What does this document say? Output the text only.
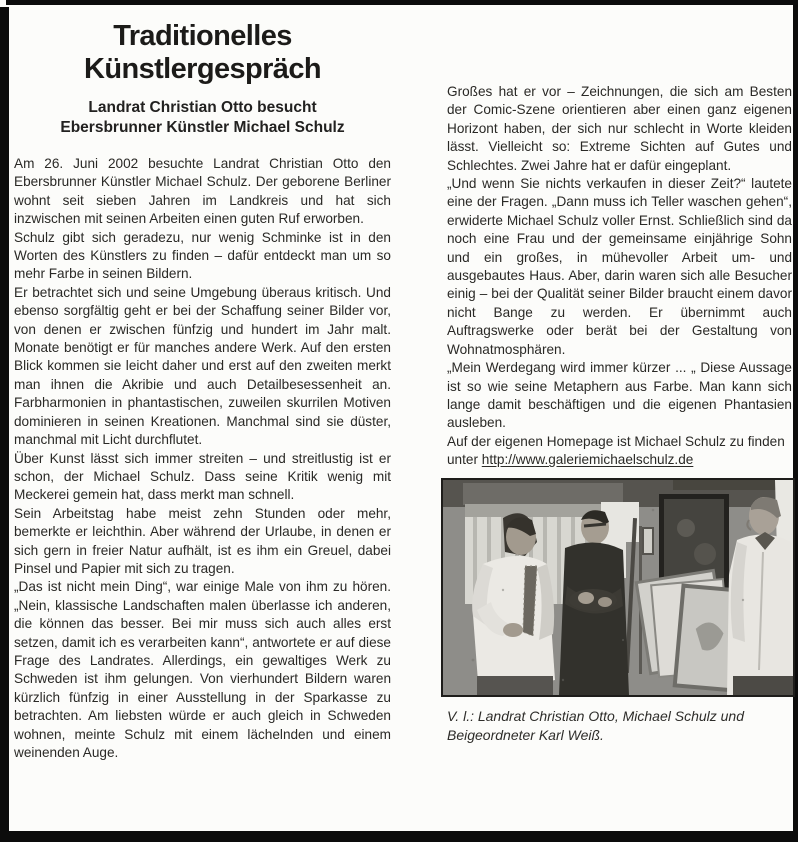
Traditionelles
Künstlergespräch
Landrat Christian Otto besucht
Ebersbrunner Künstler Michael Schulz

Am 26. Juni 2002 besuchte Landrat Christian Otto den Ebersbrunner Künstler Michael Schulz. Der geborene Berliner wohnt seit sieben Jahren im Landkreis und hat sich inzwischen mit seinen Arbeiten einen guten Ruf erworben.

Schulz gibt sich geradezu, nur wenig Schminke ist in den Worten des Künstlers zu finden – dafür entdeckt man um so mehr Farbe in seinen Bildern.

Er betrachtet sich und seine Umgebung überaus kritisch. Und ebenso sorgfältig geht er bei der Schaffung seiner Bilder vor, von denen er zwischen fünfzig und hundert im Jahr malt. Monate benötigt er für manches andere Werk. Auf den ersten Blick kommen sie leicht daher und erst auf den zweiten merkt man ihnen die Akribie und auch Detailbesessenheit an. Farbharmonien in phantastischen, zuweilen skurrilen Motiven dominieren in seinen Kreationen. Manchmal sind sie düster, manchmal mit Licht durchflutet.

Über Kunst lässt sich immer streiten – und streitlustig ist er schon, der Michael Schulz. Dass seine Kritik wenig mit Meckerei gemein hat, dass merkt man schnell.

Sein Arbeitstag habe meist zehn Stunden oder mehr, bemerkte er leichthin. Aber während der Urlaube, in denen er sich gern in freier Natur aufhält, ist es ihm ein Greuel, dabei Pinsel und Papier mit sich zu tragen.

„Das ist nicht mein Ding“, war einige Male von ihm zu hören. „Nein, klassische Landschaften malen überlasse ich anderen, die können das besser. Bei mir muss sich auch alles erst setzen, damit ich es verarbeiten kann“, antwortete er auf diese Frage des Landrates. Allerdings, ein gewaltiges Werk zu Schweden ist ihm gelungen. Von vierhundert Bildern waren kürzlich fünfzig in einer Ausstellung in der Sparkasse zu betrachten. Am liebsten würde er auch gleich in Schweden wohnen, meinte Schulz mit einem lächelnden und einem weinenden Auge.

Großes hat er vor – Zeichnungen, die sich am Besten der Comic-Szene orientieren aber einen ganz eigenen Horizont haben, der sich nur schlecht in Worte kleiden lässt. Vielleicht so: Extreme Sichten auf Gutes und Schlechtes. Zwei Jahre hat er dafür eingeplant.

„Und wenn Sie nichts verkaufen in dieser Zeit?“ lautete eine der Fragen. „Dann muss ich Teller waschen gehen“, erwiderte Michael Schulz voller Ernst. Schließlich sind da noch eine Frau und der gemeinsame einjährige Sohn und ein großes, in mühevoller Arbeit um- und ausgebautes Haus. Aber, darin waren sich alle Besucher einig – bei der Qualität seiner Bilder braucht einem davor nicht Bange zu werden. Er übernimmt auch Auftragswerke oder berät bei der Gestaltung von Wohnatmosphären.

„Mein Werdegang wird immer kürzer ... „ Diese Aussage ist so wie seine Metaphern aus Farbe. Man kann sich lange damit beschäftigen und die eigenen Phantasien ausleben.

Auf der eigenen Homepage ist Michael Schulz zu finden unter http://www.galeriemichaelschulz.de

V. l.: Landrat Christian Otto, Michael Schulz und Beigeordneter Karl Weiß.
